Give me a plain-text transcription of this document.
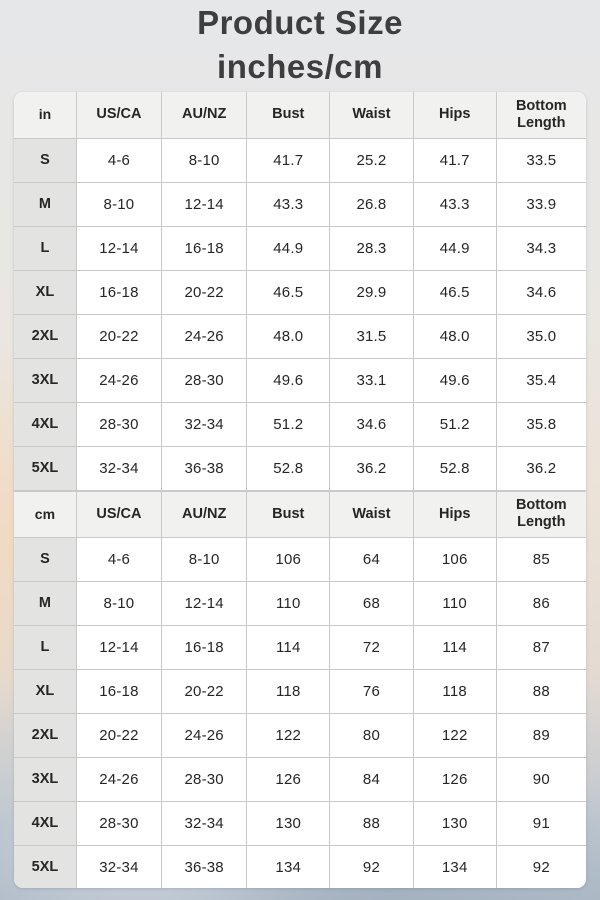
Product Size
inches/cm
in	US/CA	AU/NZ	Bust	Waist	Hips	Bottom Length
S	4-6	8-10	41.7	25.2	41.7	33.5
M	8-10	12-14	43.3	26.8	43.3	33.9
L	12-14	16-18	44.9	28.3	44.9	34.3
XL	16-18	20-22	46.5	29.9	46.5	34.6
2XL	20-22	24-26	48.0	31.5	48.0	35.0
3XL	24-26	28-30	49.6	33.1	49.6	35.4
4XL	28-30	32-34	51.2	34.6	51.2	35.8
5XL	32-34	36-38	52.8	36.2	52.8	36.2
cm	US/CA	AU/NZ	Bust	Waist	Hips	Bottom Length
S	4-6	8-10	106	64	106	85
M	8-10	12-14	110	68	110	86
L	12-14	16-18	114	72	114	87
XL	16-18	20-22	118	76	118	88
2XL	20-22	24-26	122	80	122	89
3XL	24-26	28-30	126	84	126	90
4XL	28-30	32-34	130	88	130	91
5XL	32-34	36-38	134	92	134	92
